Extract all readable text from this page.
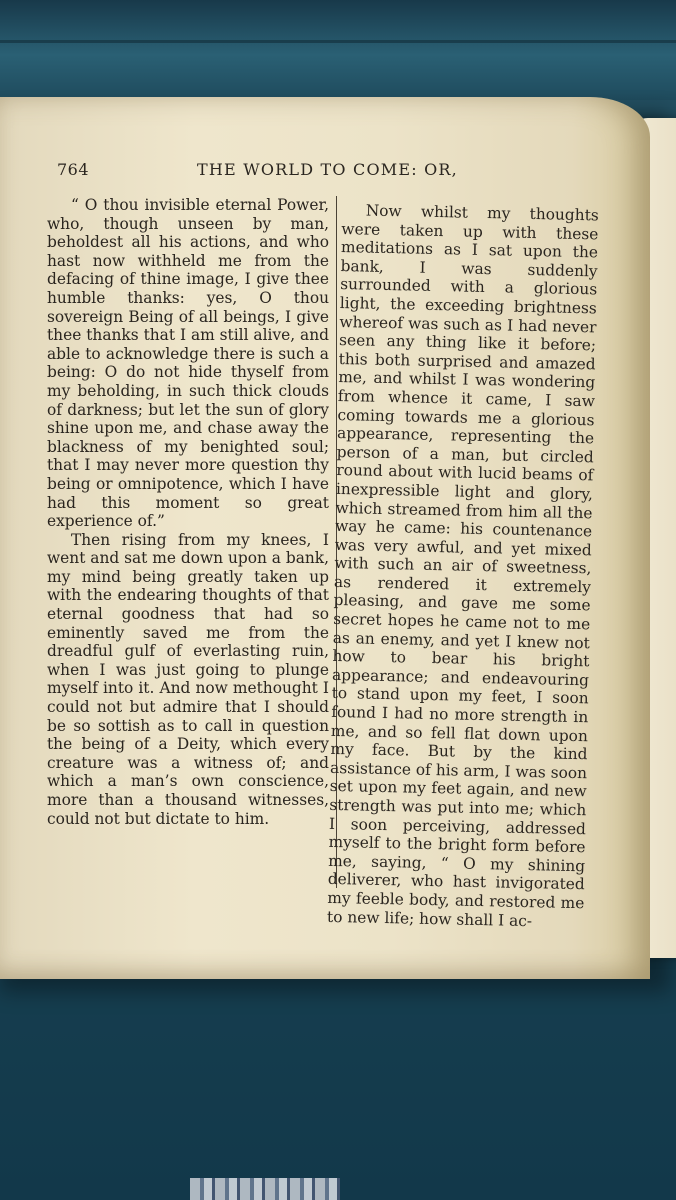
764	THE WORLD TO COME: OR,

“ O thou invisible eternal Power, who, though unseen by man, beholdest all his actions, and who hast now withheld me from the defacing of thine image, I give thee humble thanks: yes, O thou sovereign Being of all beings, I give thee thanks that I am still alive, and able to acknowledge there is such a being: O do not hide thyself from my beholding, in such thick clouds of darkness; but let the sun of glory shine upon me, and chase away the blackness of my benighted soul; that I may never more question thy being or omnipotence, which I have had this moment so great experience of.”

Then rising from my knees, I went and sat me down upon a bank, my mind being greatly taken up with the endearing thoughts of that eternal goodness that had so eminently saved me from the dreadful gulf of everlasting ruin, when I was just going to plunge myself into it. And now methought I could not but admire that I should be so sottish as to call in question the being of a Deity, which every creature was a witness of; and which a man’s own conscience, more than a thousand witnesses, could not but dictate to him.

Now whilst my thoughts were taken up with these meditations as I sat upon the bank, I was suddenly surrounded with a glorious light, the exceeding brightness whereof was such as I had never seen any thing like it before; this both surprised and amazed me, and whilst I was wondering from whence it came, I saw coming towards me a glorious appearance, representing the person of a man, but circled round about with lucid beams of inexpressible light and glory, which streamed from him all the way he came: his countenance was very awful, and yet mixed with such an air of sweetness, as rendered it extremely pleasing, and gave me some secret hopes he came not to me as an enemy, and yet I knew not how to bear his bright appearance; and endeavouring to stand upon my feet, I soon found I had no more strength in me, and so fell flat down upon my face. But by the kind assistance of his arm, I was soon set upon my feet again, and new strength was put into me; which I soon perceiving, addressed myself to the bright form before me, saying, “ O my shining deliverer, who hast invigorated my feeble body, and restored me to new life; how shall I ac-
